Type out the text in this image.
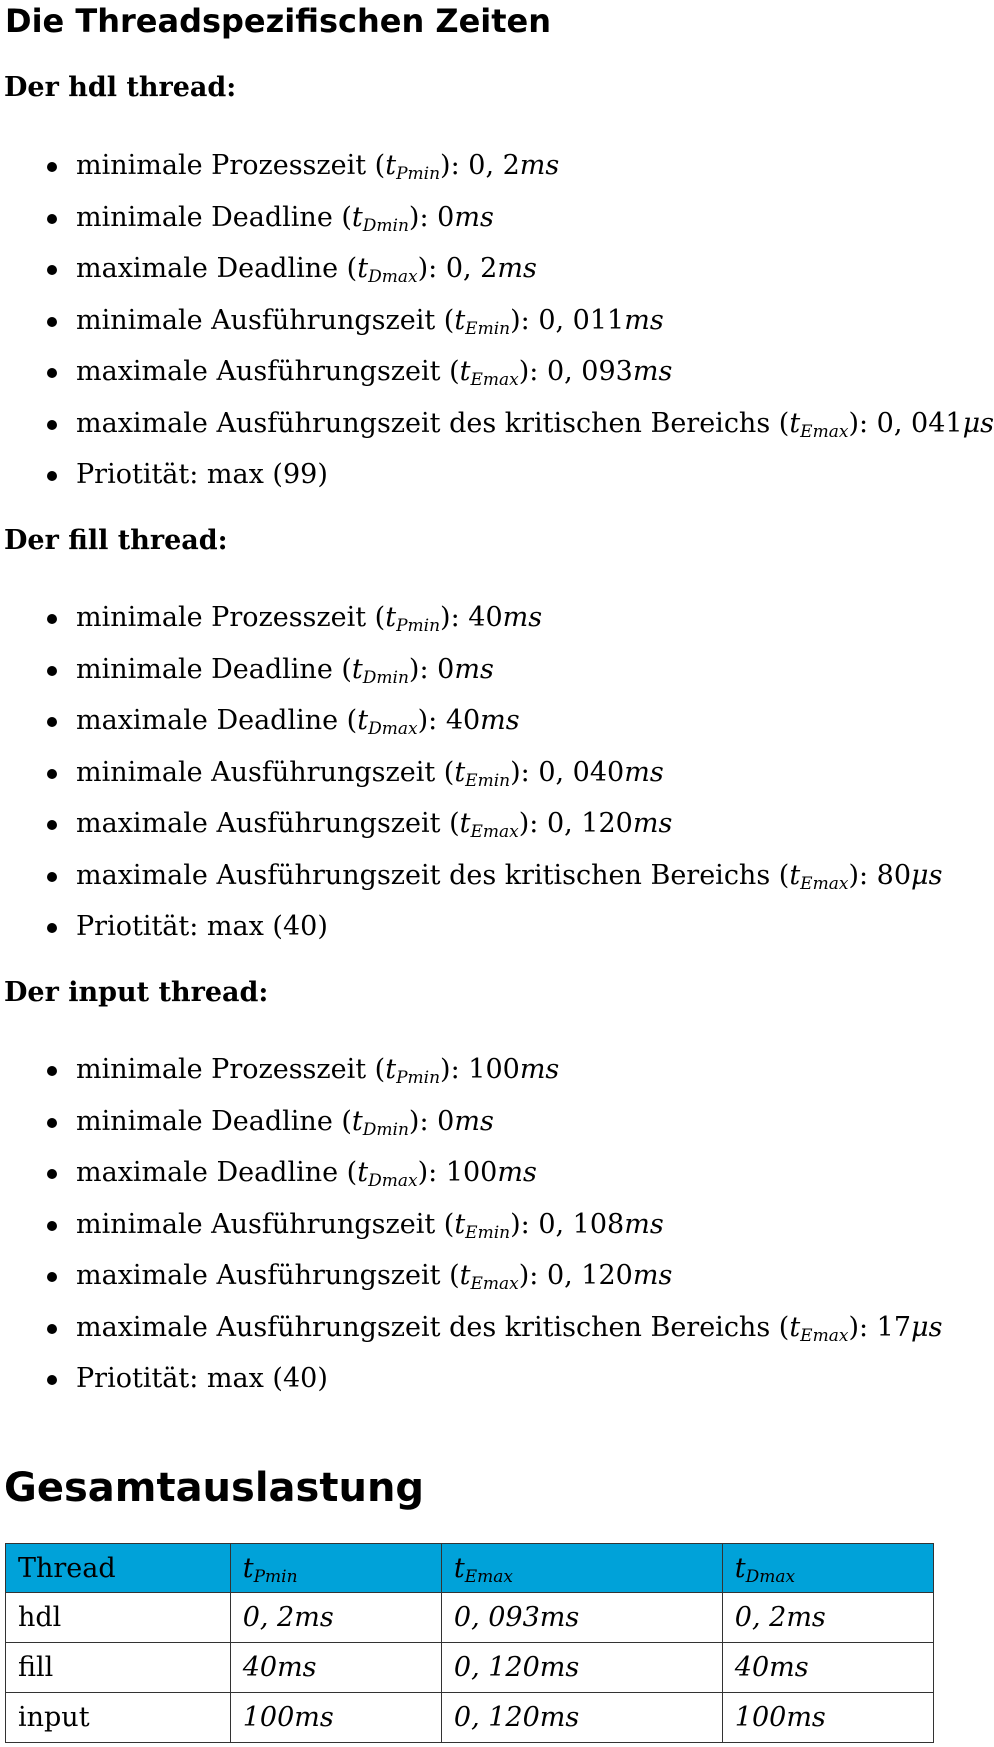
Die Threadspezifischen Zeiten
Der hdl thread:
minimale Prozesszeit $(t_{Pmin})$: 0, 2ms
minimale Deadline $(t_{Dmin})$: 0ms
maximale Deadline $(t_{Dmax})$: 0, 2ms
minimale Ausführungszeit $(t_{Emin})$: 0, 011ms
maximale Ausführungszeit $(t_{Emax})$: 0, 093ms
maximale Ausführungszeit des kritischen Bereichs $(t_{Emax})$: 0, 041μs
Priotität: max (99)
Der fill thread:
minimale Prozesszeit $(t_{Pmin})$: 40ms
minimale Deadline $(t_{Dmin})$: 0ms
maximale Deadline $(t_{Dmax})$: 40ms
minimale Ausführungszeit $(t_{Emin})$: 0, 040ms
maximale Ausführungszeit $(t_{Emax})$: 0, 120ms
maximale Ausführungszeit des kritischen Bereichs $(t_{Emax})$: 80μs
Priotität: max (40)
Der input thread:
minimale Prozesszeit $(t_{Pmin})$: 100ms
minimale Deadline $(t_{Dmin})$: 0ms
maximale Deadline $(t_{Dmax})$: 100ms
minimale Ausführungszeit $(t_{Emin})$: 0, 108ms
maximale Ausführungszeit $(t_{Emax})$: 0, 120ms
maximale Ausführungszeit des kritischen Bereichs $(t_{Emax})$: 17μs
Priotität: max (40)
Gesamtauslastung
Thread	$t_{Pmin}$	$t_{Emax}$	$t_{Dmax}$
hdl	0, 2ms	0, 093ms	0, 2ms
fill	40ms	0, 120ms	40ms
input	100ms	0, 120ms	100ms
